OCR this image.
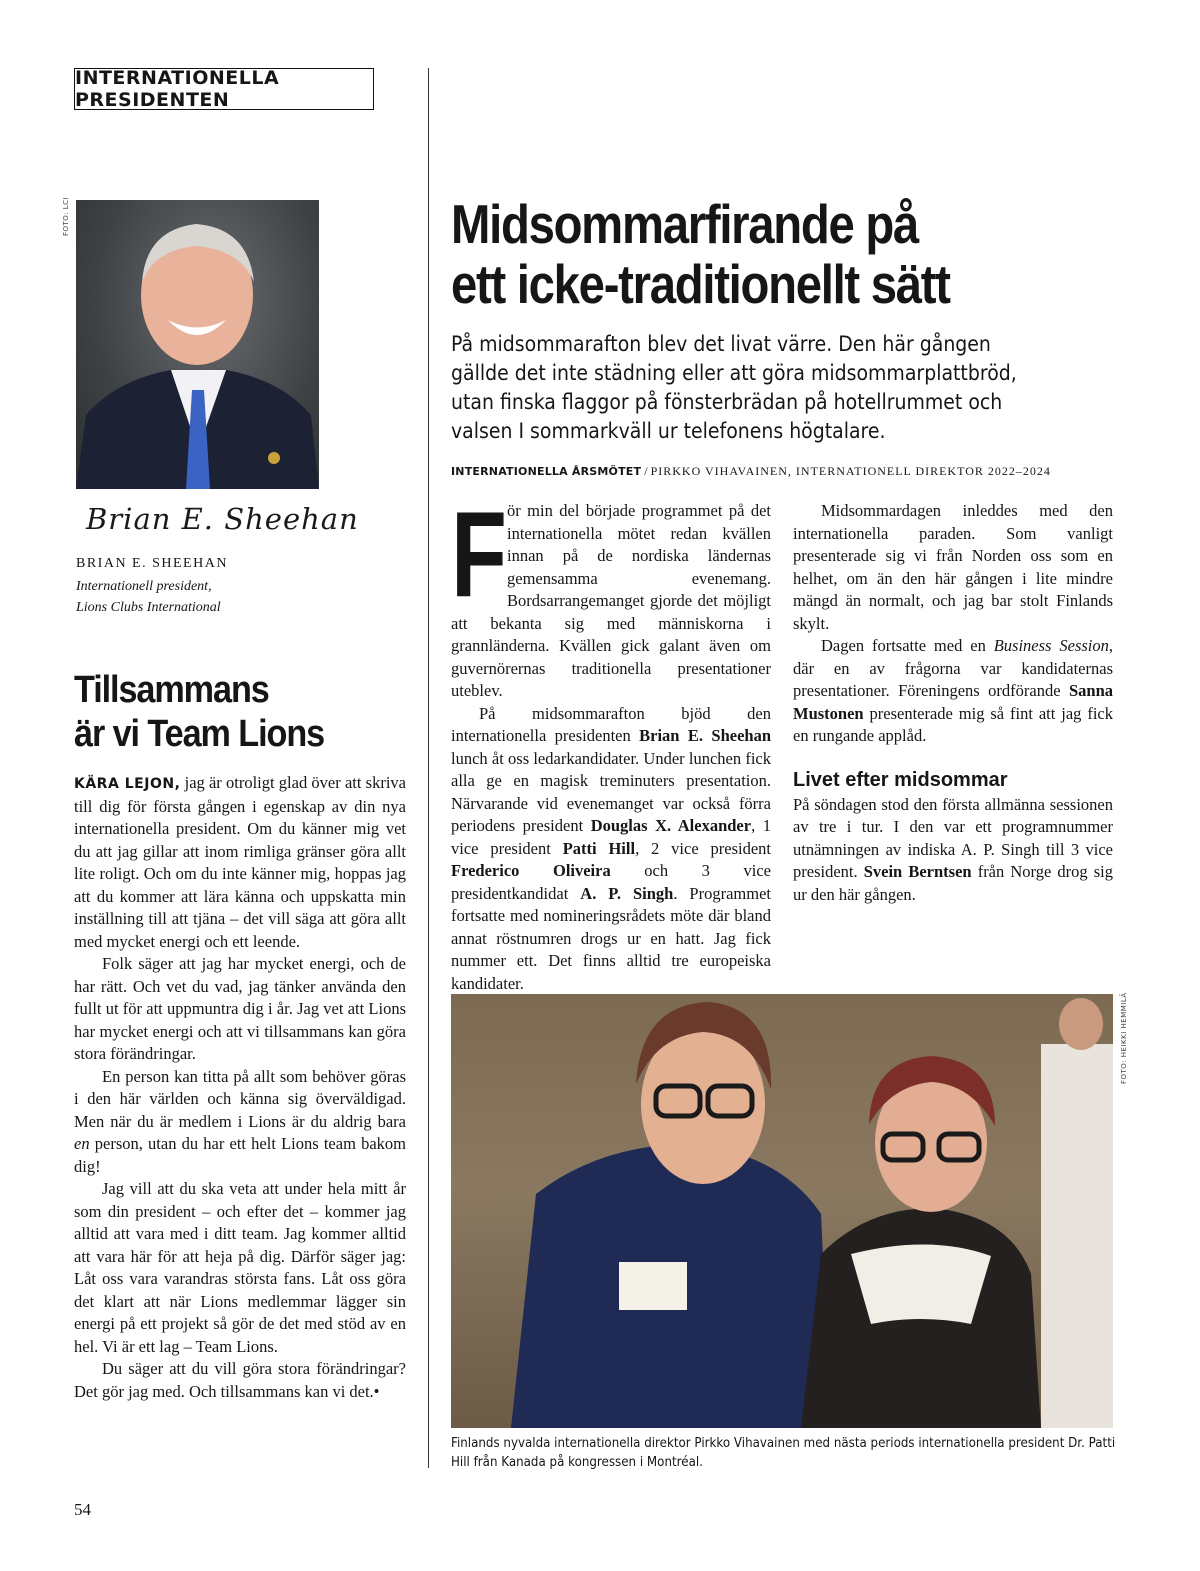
INTERNATIONELLA PRESIDENTEN
FOTO: LCI
Brian E. Sheehan
BRIAN E. SHEEHAN
Internationell president,
Lions Clubs International
Tillsammans
är vi Team Lions

KÄRA LEJON, jag är otroligt glad över att skriva till dig för första gången i egenskap av din nya internationella president. Om du känner mig vet du att jag gillar att inom rimliga gränser göra allt lite roligt. Och om du inte känner mig, hoppas jag att du kommer att lära känna och uppskatta min inställning till att tjäna – det vill säga att göra allt med mycket energi och ett leende.

Folk säger att jag har mycket energi, och de har rätt. Och vet du vad, jag tänker använda den fullt ut för att uppmuntra dig i år. Jag vet att Lions har mycket energi och att vi tillsammans kan göra stora förändringar.

En person kan titta på allt som behöver göras i den här världen och känna sig överväldigad. Men när du är medlem i Lions är du aldrig bara en person, utan du har ett helt Lions team bakom dig!

Jag vill att du ska veta att under hela mitt år som din president – och efter det – kommer jag alltid att vara med i ditt team. Jag kommer alltid att vara här för att heja på dig. Därför säger jag: Låt oss vara varandras största fans. Låt oss göra det klart att när Lions medlemmar lägger sin energi på ett projekt så gör de det med stöd av en hel. Vi är ett lag – Team Lions.

Du säger att du vill göra stora förändringar? Det gör jag med. Och tillsammans kan vi det.•

Midsommarfirande på
ett icke-traditionellt sätt
På midsommarafton blev det livat värre. Den här gången gällde det inte städning eller att göra midsommarplattbröd, utan finska flaggor på fönsterbrädan på hotellrummet och valsen I sommarkväll ur telefonens högtalare.
INTERNATIONELLA ÅRSMÖTET / PIRKKO VIHAVAINEN, INTERNATIONELL DIREKTOR 2022–2024

För min del började programmet på det internationella mötet redan kvällen innan på de nordiska ländernas gemensamma evenemang. Bordsarrangemanget gjorde det möjligt att bekanta sig med människorna i grannländerna. Kvällen gick galant även om guvernörernas traditionella presentationer uteblev.

På midsommarafton bjöd den internationella presidenten Brian E. Sheehan lunch åt oss ledarkandidater. Under lunchen fick alla ge en magisk treminuters presentation. Närvarande vid evenemanget var också förra periodens president Douglas X. Alexander, 1 vice president Patti Hill, 2 vice president Frederico Oliveira och 3 vice presidentkandidat A. P. Singh. Programmet fortsatte med nomineringsrådets möte där bland annat röstnumren drogs ur en hatt. Jag fick nummer ett. Det finns alltid tre europeiska kandidater.

Midsommardagen inleddes med den internationella paraden. Som vanligt presenterade sig vi från Norden oss som en helhet, om än den här gången i lite mindre mängd än normalt, och jag bar stolt Finlands skylt.

Dagen fortsatte med en Business Session, där en av frågorna var kandidaternas presentationer. Föreningens ordförande Sanna Mustonen presenterade mig så fint att jag fick en rungande applåd.

Livet efter midsommar

På söndagen stod den första allmänna sessionen av tre i tur. I den var ett programnummer utnämningen av indiska A. P. Singh till 3 vice president. Svein Berntsen från Norge drog sig ur den här gången.

FOTO: HEIKKI HEMMILÄ
Finlands nyvalda internationella direktor Pirkko Vihavainen med nästa periods internationella president Dr. Patti Hill från Kanada på kongressen i Montréal.
54
